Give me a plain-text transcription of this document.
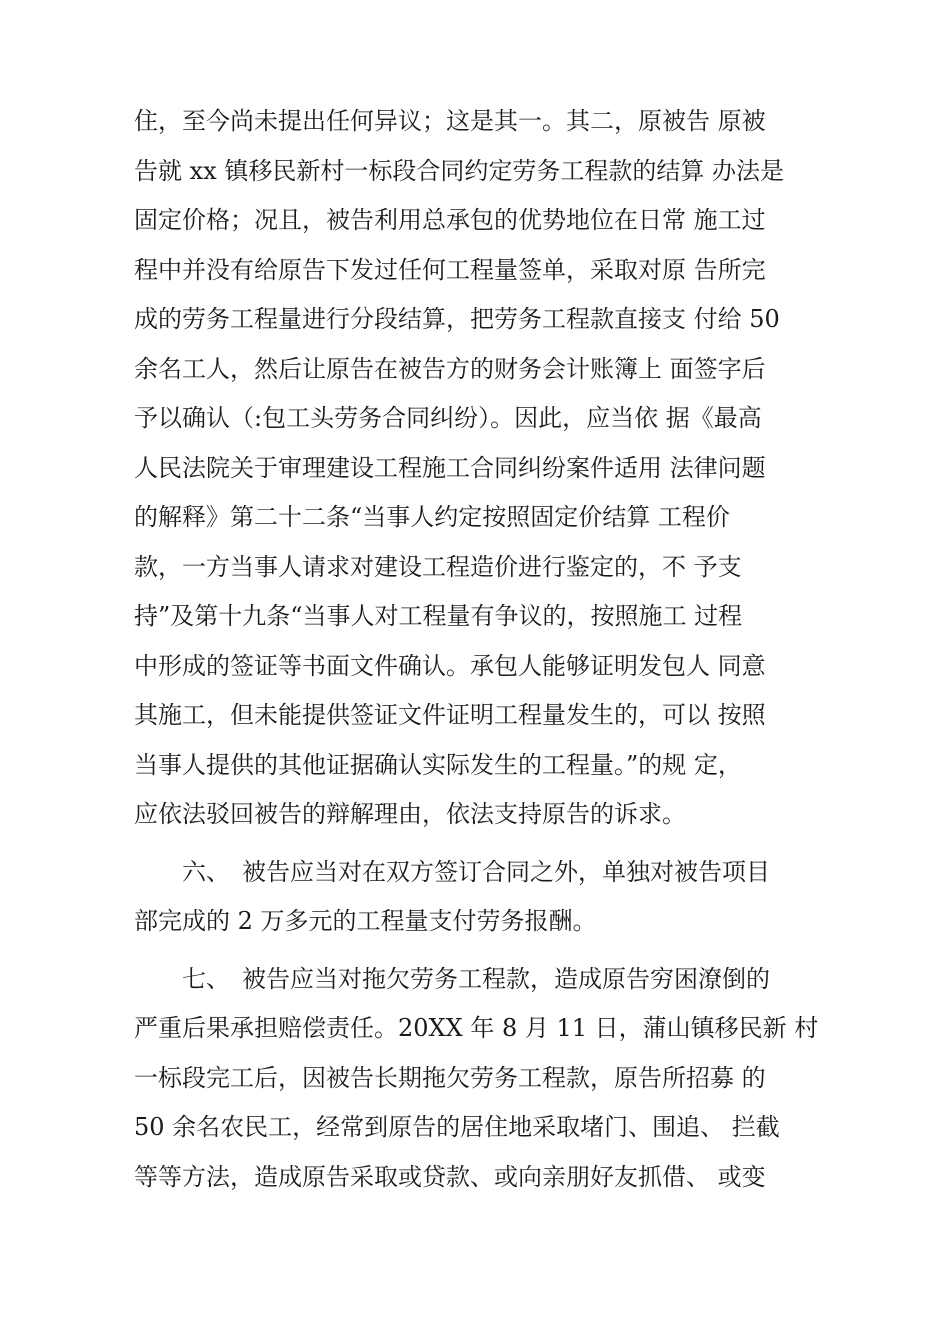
住，至今尚未提出任何异议；这是其一。其二，原被告 原被
告就 xx 镇移民新村一标段合同约定劳务工程款的结算 办法是
固定价格；况且，被告利用总承包的优势地位在日常 施工过
程中并没有给原告下发过任何工程量签单，采取对原 告所完
成的劳务工程量进行分段结算，把劳务工程款直接支 付给 50
余名工人，然后让原告在被告方的财务会计账簿上 面签字后
予以确认（:包工头劳务合同纠纷）。因此，应当依 据《最高
人民法院关于审理建设工程施工合同纠纷案件适用 法律问题
的解释》第二十二条“当事人约定按照固定价结算 工程价
款，一方当事人请求对建设工程造价进行鉴定的，不 予支
持”及第十九条“当事人对工程量有争议的，按照施工 过程
中形成的签证等书面文件确认。承包人能够证明发包人 同意
其施工，但未能提供签证文件证明工程量发生的，可以 按照
当事人提供的其他证据确认实际发生的工程量。”的规 定，
应依法驳回被告的辩解理由，依法支持原告的诉求。
　　六、　被告应当对在双方签订合同之外，单独对被告项目
部完成的 2 万多元的工程量支付劳务报酬。
　　七、　被告应当对拖欠劳务工程款，造成原告穷困潦倒的
严重后果承担赔偿责任。20XX 年 8 月 11 日，蒲山镇移民新 村
一标段完工后，因被告长期拖欠劳务工程款，原告所招募 的
50 余名农民工，经常到原告的居住地采取堵门、围追、 拦截
等等方法，造成原告采取或贷款、或向亲朋好友抓借、 或变
